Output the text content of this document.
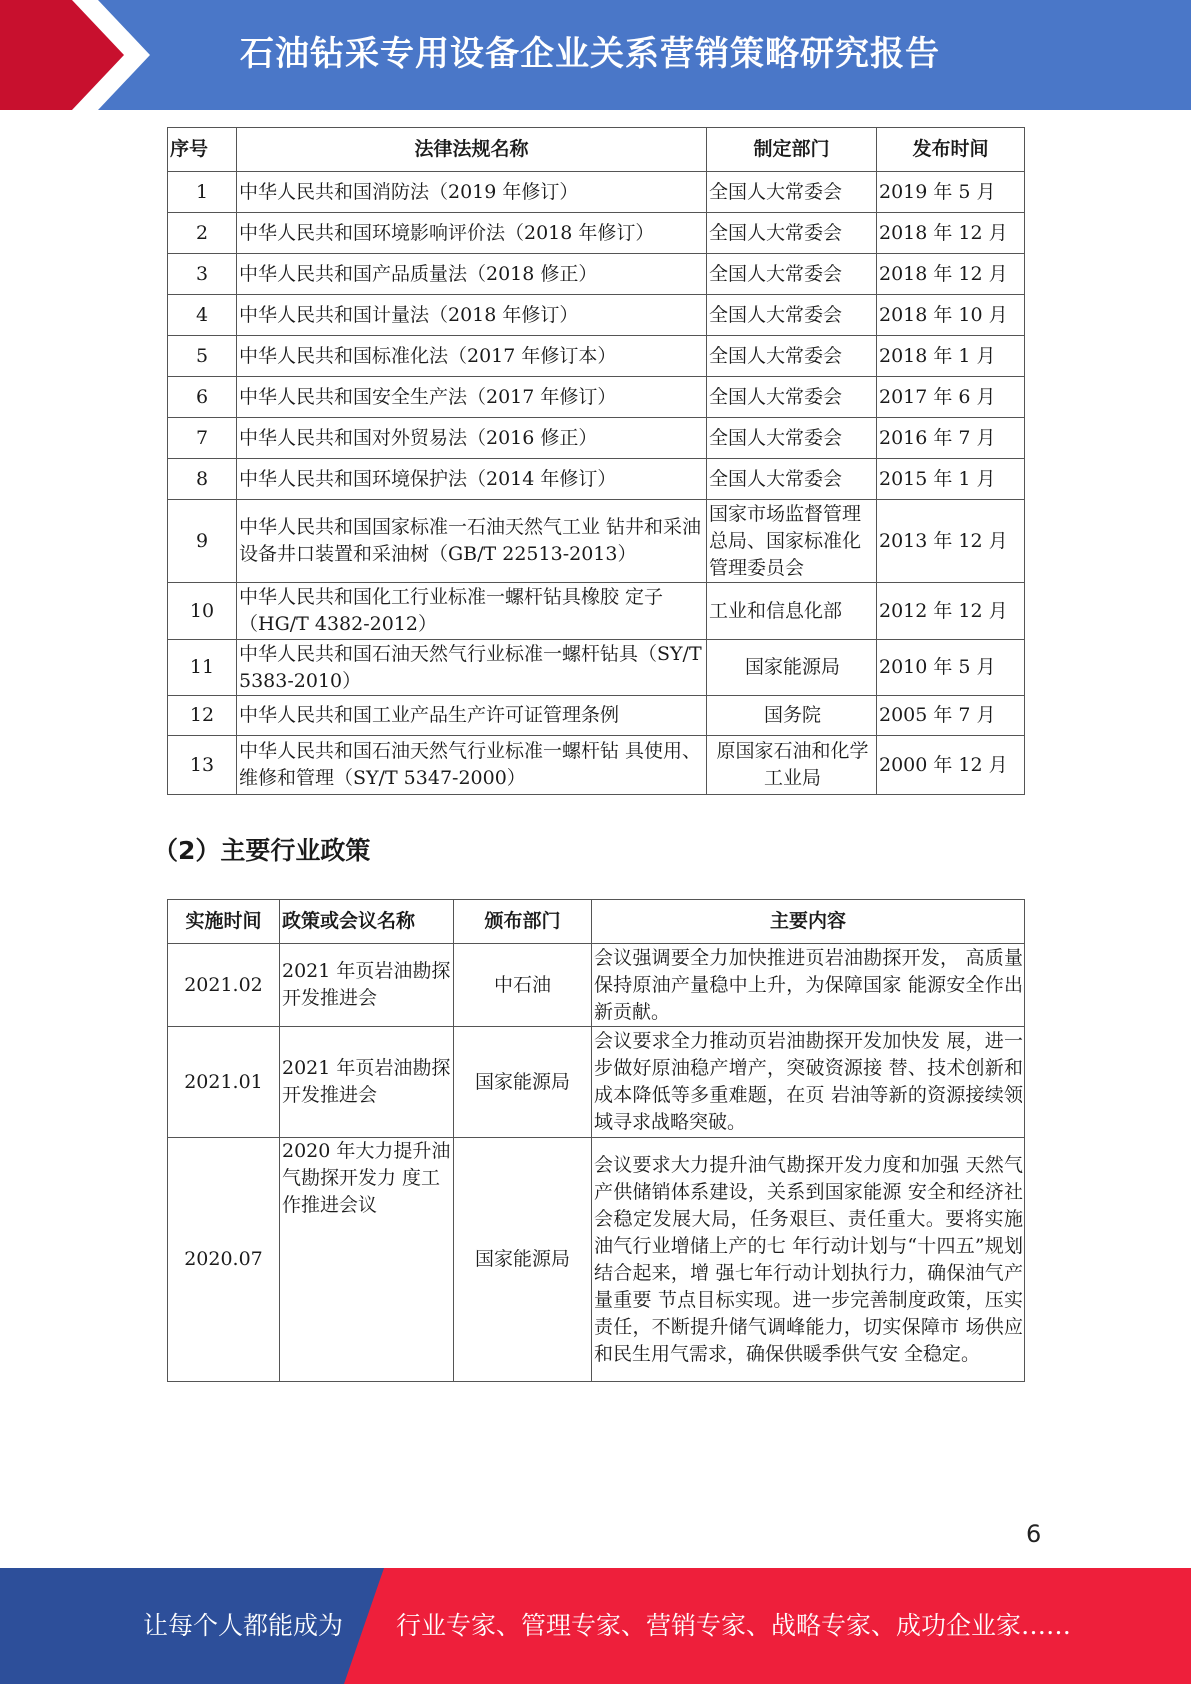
石油钻采专用设备企业关系营销策略研究报告
序号	法律法规名称	制定部门	发布时间
1	中华人民共和国消防法（2019 年修订）	全国人大常委会	2019 年 5 月
2	中华人民共和国环境影响评价法（2018 年修订）	全国人大常委会	2018 年 12 月
3	中华人民共和国产品质量法（2018 修正）	全国人大常委会	2018 年 12 月
4	中华人民共和国计量法（2018 年修订）	全国人大常委会	2018 年 10 月
5	中华人民共和国标准化法（2017 年修订本）	全国人大常委会	2018 年 1 月
6	中华人民共和国安全生产法（2017 年修订）	全国人大常委会	2017 年 6 月
7	中华人民共和国对外贸易法（2016 修正）	全国人大常委会	2016 年 7 月
8	中华人民共和国环境保护法（2014 年修订）	全国人大常委会	2015 年 1 月
9	中华人民共和国国家标准一石油天然气工业 钻井和采油设备井口装置和采油树（GB/T 22513-2013）	国家市场监督管理总局、国家标准化管理委员会	2013 年 12 月
10	中华人民共和国化工行业标准一螺杆钻具橡胶 定子（HG/T 4382-2012）	工业和信息化部	2012 年 12 月
11	中华人民共和国石油天然气行业标准一螺杆钻具（SY/T 5383-2010）	国家能源局	2010 年 5 月
12	中华人民共和国工业产品生产许可证管理条例	国务院	2005 年 7 月
13	中华人民共和国石油天然气行业标准一螺杆钻 具使用、维修和管理（SY/T 5347-2000）	原国家石油和化学工业局	2000 年 12 月
（2）主要行业政策
实施时间	政策或会议名称	颁布部门	主要内容
2021.02	2021 年页岩油勘探开发推进会	中石油	会议强调要全力加快推进页岩油勘探开发， 高质量保持原油产量稳中上升，为保障国家 能源安全作出新贡献。
2021.01	2021 年页岩油勘探开发推进会	国家能源局	会议要求全力推动页岩油勘探开发加快发 展，进一步做好原油稳产增产，突破资源接 替、技术创新和成本降低等多重难题，在页 岩油等新的资源接续领域寻求战略突破。
2020.07	2020 年大力提升油气勘探开发力 度工作推进会议	国家能源局	会议要求大力提升油气勘探开发力度和加强 天然气产供储销体系建设，关系到国家能源 安全和经济社会稳定发展大局，任务艰巨、责任重大。要将实施油气行业增储上产的七 年行动计划与“十四五”规划结合起来，增 强七年行动计划执行力，确保油气产量重要 节点目标实现。进一步完善制度政策，压实 责任，不断提升储气调峰能力，切实保障市 场供应和民生用气需求，确保供暖季供气安 全稳定。
6
让每个人都能成为 行业专家、管理专家、营销专家、战略专家、成功企业家……
